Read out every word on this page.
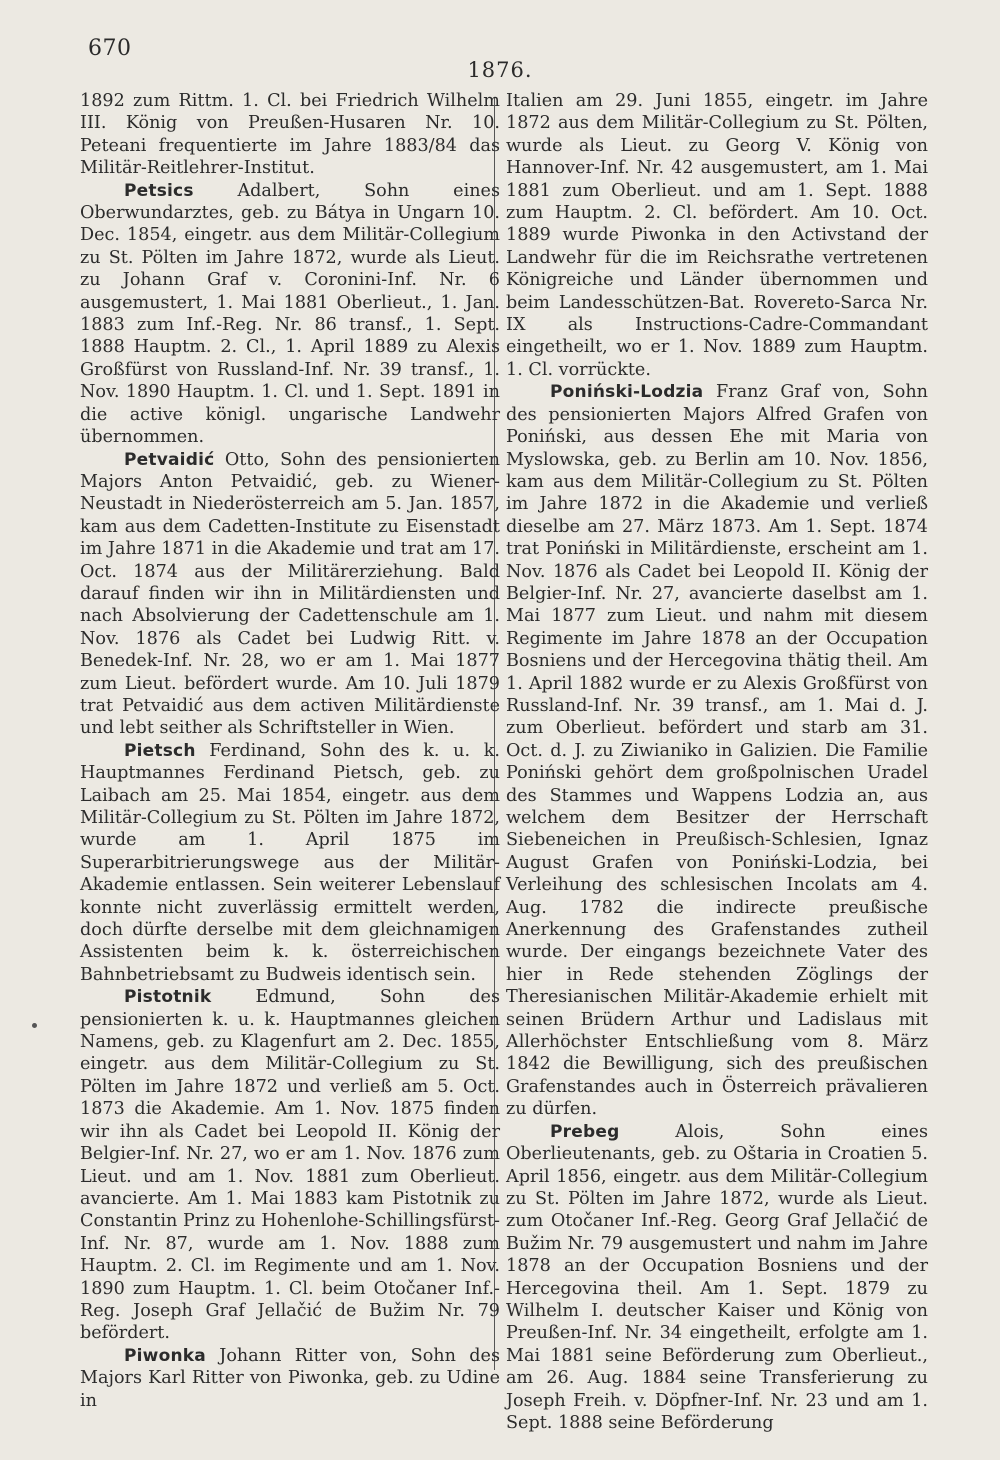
670
1876.

1892 zum Rittm. 1. Cl. bei Friedrich Wilhelm III. König von Preußen-Husaren Nr. 10. Peteani frequentierte im Jahre 1883/84 das Militär-Reitlehrer-Institut.

Petsics Adalbert, Sohn eines Oberwundarztes, geb. zu Bátya in Ungarn 10. Dec. 1854, eingetr. aus dem Militär-Collegium zu St. Pölten im Jahre 1872, wurde als Lieut. zu Johann Graf v. Coronini-Inf. Nr. 6 ausgemustert, 1. Mai 1881 Oberlieut., 1. Jan. 1883 zum Inf.-Reg. Nr. 86 transf., 1. Sept. 1888 Hauptm. 2. Cl., 1. April 1889 zu Alexis Großfürst von Russland-Inf. Nr. 39 transf., 1. Nov. 1890 Hauptm. 1. Cl. und 1. Sept. 1891 in die active königl. ungarische Landwehr übernommen.

Petvaidić Otto, Sohn des pensionierten Majors Anton Petvaidić, geb. zu Wiener-Neustadt in Niederösterreich am 5. Jan. 1857, kam aus dem Cadetten-Institute zu Eisenstadt im Jahre 1871 in die Akademie und trat am 17. Oct. 1874 aus der Militärerziehung. Bald darauf finden wir ihn in Militärdiensten und nach Absolvierung der Cadettenschule am 1. Nov. 1876 als Cadet bei Ludwig Ritt. v. Benedek-Inf. Nr. 28, wo er am 1. Mai 1877 zum Lieut. befördert wurde. Am 10. Juli 1879 trat Petvaidić aus dem activen Militärdienste und lebt seither als Schriftsteller in Wien.

Pietsch Ferdinand, Sohn des k. u. k. Hauptmannes Ferdinand Pietsch, geb. zu Laibach am 25. Mai 1854, eingetr. aus dem Militär-Collegium zu St. Pölten im Jahre 1872, wurde am 1. April 1875 im Superarbitrierungswege aus der Militär-Akademie entlassen. Sein weiterer Lebenslauf konnte nicht zuverlässig ermittelt werden, doch dürfte derselbe mit dem gleichnamigen Assistenten beim k. k. österreichischen Bahnbetriebsamt zu Budweis identisch sein.

Pistotnik Edmund, Sohn des pensionierten k. u. k. Hauptmannes gleichen Namens, geb. zu Klagenfurt am 2. Dec. 1855, eingetr. aus dem Militär-Collegium zu St. Pölten im Jahre 1872 und verließ am 5. Oct. 1873 die Akademie. Am 1. Nov. 1875 finden wir ihn als Cadet bei Leopold II. König der Belgier-Inf. Nr. 27, wo er am 1. Nov. 1876 zum Lieut. und am 1. Nov. 1881 zum Oberlieut. avancierte. Am 1. Mai 1883 kam Pistotnik zu Constantin Prinz zu Hohenlohe-Schillingsfürst-Inf. Nr. 87, wurde am 1. Nov. 1888 zum Hauptm. 2. Cl. im Regimente und am 1. Nov. 1890 zum Hauptm. 1. Cl. beim Otočaner Inf.-Reg. Joseph Graf Jellačić de Bužim Nr. 79 befördert.

Piwonka Johann Ritter von, Sohn des Majors Karl Ritter von Piwonka, geb. zu Udine in

Italien am 29. Juni 1855, eingetr. im Jahre 1872 aus dem Militär-Collegium zu St. Pölten, wurde als Lieut. zu Georg V. König von Hannover-Inf. Nr. 42 ausgemustert, am 1. Mai 1881 zum Oberlieut. und am 1. Sept. 1888 zum Hauptm. 2. Cl. befördert. Am 10. Oct. 1889 wurde Piwonka in den Activstand der Landwehr für die im Reichsrathe vertretenen Königreiche und Länder übernommen und beim Landesschützen-Bat. Rovereto-Sarca Nr. IX als Instructions-Cadre-Commandant eingetheilt, wo er 1. Nov. 1889 zum Hauptm. 1. Cl. vorrückte.

Poniński-Lodzia Franz Graf von, Sohn des pensionierten Majors Alfred Grafen von Poniński, aus dessen Ehe mit Maria von Myslowska, geb. zu Berlin am 10. Nov. 1856, kam aus dem Militär-Collegium zu St. Pölten im Jahre 1872 in die Akademie und verließ dieselbe am 27. März 1873. Am 1. Sept. 1874 trat Poniński in Militärdienste, erscheint am 1. Nov. 1876 als Cadet bei Leopold II. König der Belgier-Inf. Nr. 27, avancierte daselbst am 1. Mai 1877 zum Lieut. und nahm mit diesem Regimente im Jahre 1878 an der Occupation Bosniens und der Hercegovina thätig theil. Am 1. April 1882 wurde er zu Alexis Großfürst von Russland-Inf. Nr. 39 transf., am 1. Mai d. J. zum Oberlieut. befördert und starb am 31. Oct. d. J. zu Ziwianiko in Galizien. Die Familie Poniński gehört dem großpolnischen Uradel des Stammes und Wappens Lodzia an, aus welchem dem Besitzer der Herrschaft Siebeneichen in Preußisch-Schlesien, Ignaz August Grafen von Poniński-Lodzia, bei Verleihung des schlesischen Incolats am 4. Aug. 1782 die indirecte preußische Anerkennung des Grafenstandes zutheil wurde. Der eingangs bezeichnete Vater des hier in Rede stehenden Zöglings der Theresianischen Militär-Akademie erhielt mit seinen Brüdern Arthur und Ladislaus mit Allerhöchster Entschließung vom 8. März 1842 die Bewilligung, sich des preußischen Grafenstandes auch in Österreich prävalieren zu dürfen.

Prebeg Alois, Sohn eines Oberlieutenants, geb. zu Oštaria in Croatien 5. April 1856, eingetr. aus dem Militär-Collegium zu St. Pölten im Jahre 1872, wurde als Lieut. zum Otočaner Inf.-Reg. Georg Graf Jellačić de Bužim Nr. 79 ausgemustert und nahm im Jahre 1878 an der Occupation Bosniens und der Hercegovina theil. Am 1. Sept. 1879 zu Wilhelm I. deutscher Kaiser und König von Preußen-Inf. Nr. 34 eingetheilt, erfolgte am 1. Mai 1881 seine Beförderung zum Oberlieut., am 26. Aug. 1884 seine Transferierung zu Joseph Freih. v. Döpfner-Inf. Nr. 23 und am 1. Sept. 1888 seine Beförderung
